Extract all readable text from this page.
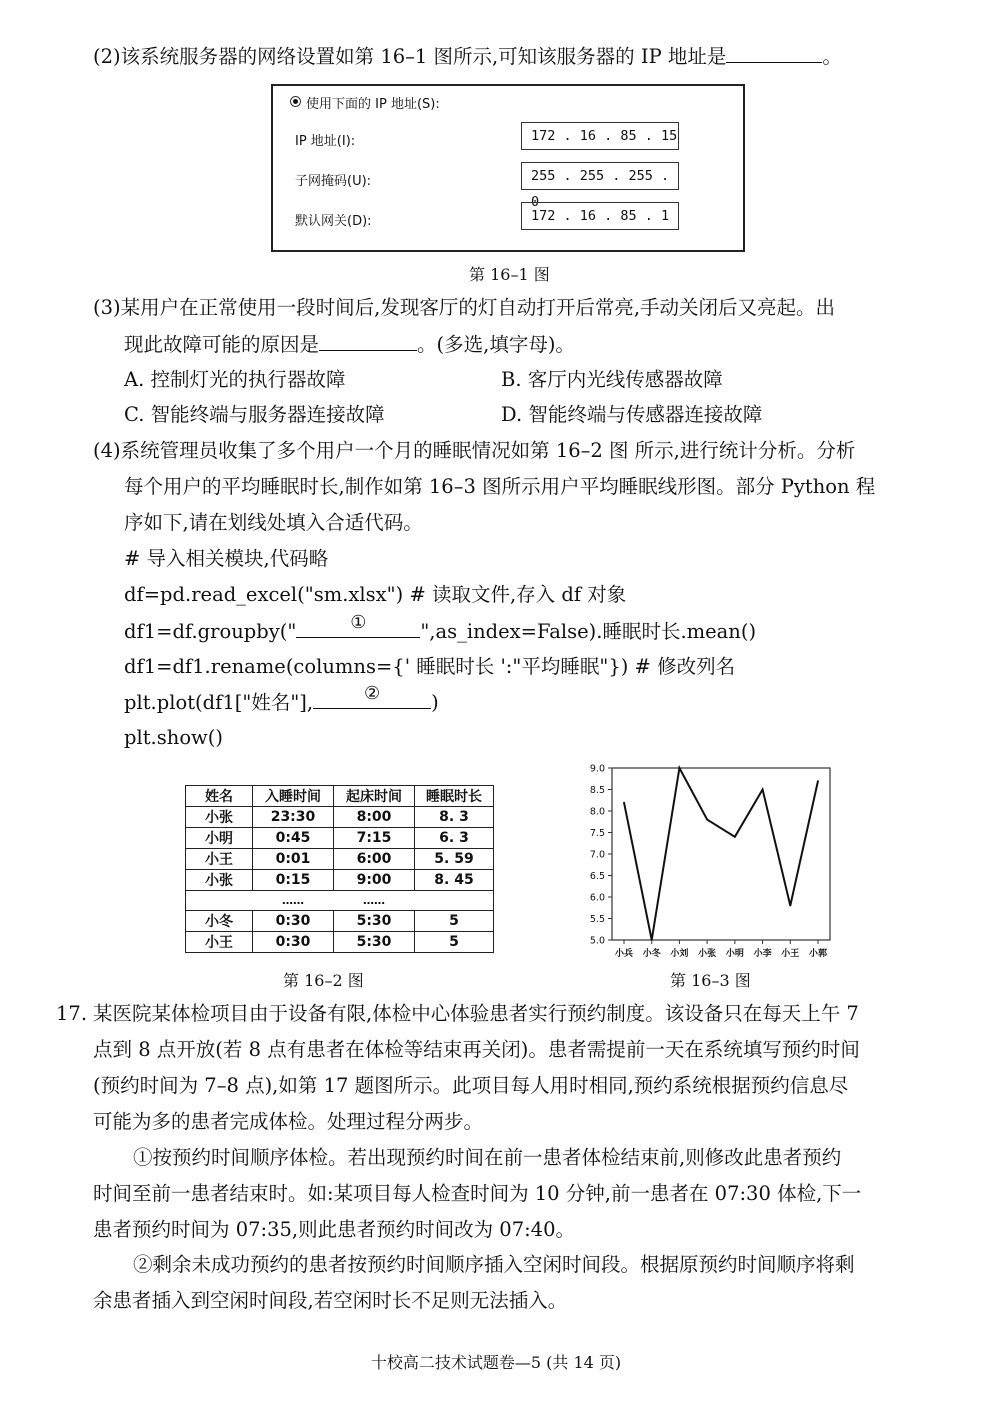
(2)该系统服务器的网络设置如第 16–1 图所示,可知该服务器的 IP 地址是	。
使用下面的 IP 地址(S):
IP 地址(I):	172 . 16 . 85 . 15
子网掩码(U):	255 . 255 . 255 . 0
默认网关(D):	172 . 16 . 85 . 1
第 16–1 图
(3)某用户在正常使用一段时间后,发现客厅的灯自动打开后常亮,手动关闭后又亮起。出
现此故障可能的原因是	。(多选,填字母)。
A. 控制灯光的执行器故障	B. 客厅内光线传感器故障
C. 智能终端与服务器连接故障	D. 智能终端与传感器连接故障
(4)系统管理员收集了多个用户一个月的睡眠情况如第 16–2 图 所示,进行统计分析。分析
每个用户的平均睡眠时长,制作如第 16–3 图所示用户平均睡眠线形图。部分 Python 程
序如下,请在划线处填入合适代码。
# 导入相关模块,代码略
df=pd.read_excel("sm.xlsx") # 读取文件,存入 df 对象
df1=df.groupby("	①	",as_index=False).睡眠时长.mean()
df1=df1.rename(columns={' 睡眠时长 ':"平均睡眠"}) # 修改列名
plt.plot(df1["姓名"],	②	)
plt.show()
姓名	入睡时间	起床时间	睡眠时长
小张	23:30	8:00	8. 3
小明	0:45	7:15	6. 3
小王	0:01	6:00	5. 59
小张	0:15	9:00	8. 45
	……	……	
小冬	0:30	5:30	5
小王	0:30	5:30	5
第 16–2 图
9.0
8.5
8.0
7.5
7.0
6.5
6.0
5.5
5.0
小兵 小冬 小刘 小张 小明 小李 小王 小郭
第 16–3 图
17. 某医院某体检项目由于设备有限,体检中心体验患者实行预约制度。该设备只在每天上午 7
点到 8 点开放(若 8 点有患者在体检等结束再关闭)。患者需提前一天在系统填写预约时间
(预约时间为 7–8 点),如第 17 题图所示。此项目每人用时相同,预约系统根据预约信息尽
可能为多的患者完成体检。处理过程分两步。
①按预约时间顺序体检。若出现预约时间在前一患者体检结束前,则修改此患者预约
时间至前一患者结束时。如:某项目每人检查时间为 10 分钟,前一患者在 07:30 体检,下一
患者预约时间为 07:35,则此患者预约时间改为 07:40。
②剩余未成功预约的患者按预约时间顺序插入空闲时间段。根据原预约时间顺序将剩
余患者插入到空闲时间段,若空闲时长不足则无法插入。
十校高二技术试题卷—5 (共 14 页)
